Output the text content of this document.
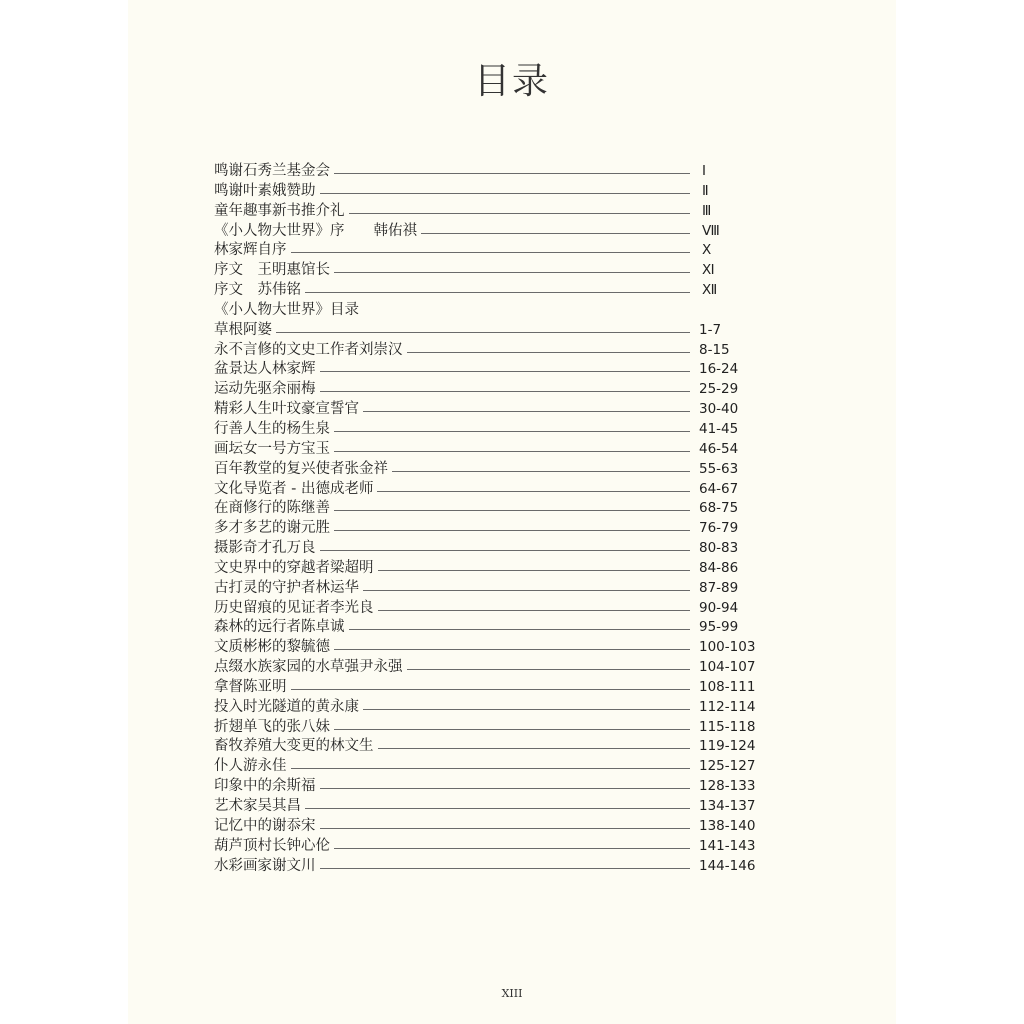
目录
鸣谢石秀兰基金会	Ⅰ
鸣谢叶素娥赞助	Ⅱ
童年趣事新书推介礼	Ⅲ
《小人物大世界》序　　韩佑祺	Ⅷ
林家辉自序	Ⅹ
序文　王明惠馆长	Ⅺ
序文　苏伟铭	Ⅻ
《小人物大世界》目录
草根阿婆	1-7
永不言修的文史工作者刘崇汉	8-15
盆景达人林家辉	16-24
运动先驱余丽梅	25-29
精彩人生叶玟豪宣誓官	30-40
行善人生的杨生泉	41-45
画坛女一号方宝玉	46-54
百年教堂的复兴使者张金祥	55-63
文化导览者 - 出德成老师	64-67
在商修行的陈继善	68-75
多才多艺的谢元胜	76-79
摄影奇才孔万良	80-83
文史界中的穿越者梁超明	84-86
古打灵的守护者林运华	87-89
历史留痕的见证者李光良	90-94
森林的远行者陈卓诚	95-99
文质彬彬的黎毓德	100-103
点缀水族家园的水草强尹永强	104-107
拿督陈亚明	108-111
投入时光隧道的黄永康	112-114
折翅单飞的张八妹	115-118
畜牧养殖大变更的林文生	119-124
仆人游永佳	125-127
印象中的余斯福	128-133
艺术家吴其昌	134-137
记忆中的谢忝宋	138-140
葫芦顶村长钟心伦	141-143
水彩画家谢文川	144-146
XIII
